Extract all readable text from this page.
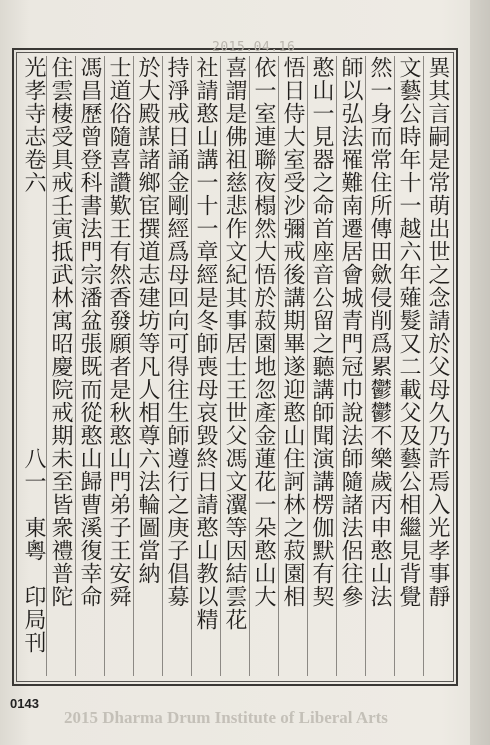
2015.04.16
異其言嗣是常萌出世之念請於父母久乃許焉入光孝事靜
文藝公時年十一越六年薙髮又二載父及藝公相繼見背覺
然一身而常住所傳田歛侵削爲累鬱鬱不樂歲丙申憨山法
師以弘法罹難南遷居會城青門冠巾說法師隨諸法侶往參
憨山一見器之命首座音公留之聽講師聞演講楞伽默有契
悟日侍大室受沙彌戒後講期畢遂迎憨山住訶林之菽園相
依一室連聯夜榻然大悟於菽園地忽產金蓮花一朵憨山大
喜謂是佛祖慈悲作文紀其事居士王世父馮文瀷等因結雲花
社請憨山講一十一章經是冬師喪母哀毀終日請憨山教以精
持淨戒日誦金剛經爲母回向可得往生師遵行之庚子倡募
於大殿謀諸鄉宦撰道志建坊等凡人相尊六法輪圖當納
士道俗隨喜讚歎王有然香發願者是秋憨山門弟子王安舜
馮昌歷曾登科書法門宗潘盆張既而從憨山歸曹溪復幸命
住雲棲受具戒壬寅抵武林寓昭慶院戒期未至皆衆禮普陀
光孝寺志卷六　　　　　　　　　　　八一　東粵　印局刊
0143
2015 Dharma Drum Institute of Liberal Arts
